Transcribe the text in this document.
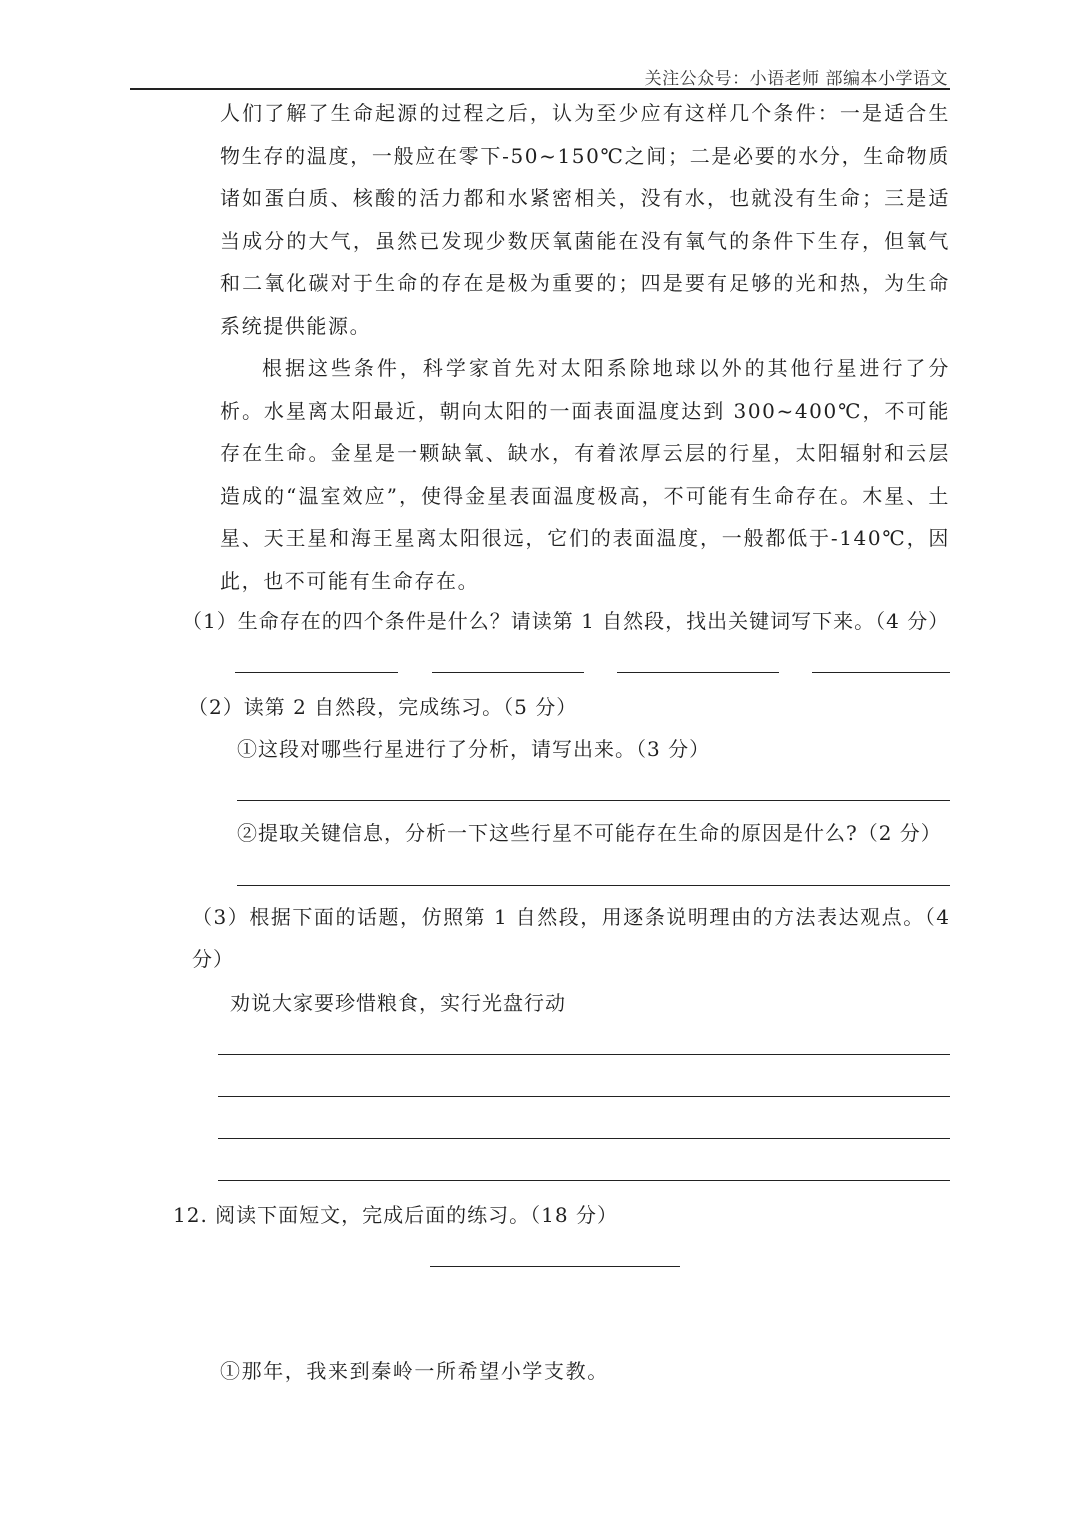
关注公众号：小语老师 部编本小学语文

人们了解了生命起源的过程之后，认为至少应有这样几个条件：一是适合生物生存的温度，一般应在零下-50~150℃之间；二是必要的水分，生命物质诸如蛋白质、核酸的活力都和水紧密相关，没有水，也就没有生命；三是适当成分的大气，虽然已发现少数厌氧菌能在没有氧气的条件下生存，但氧气和二氧化碳对于生命的存在是极为重要的；四是要有足够的光和热，为生命系统提供能源。

根据这些条件，科学家首先对太阳系除地球以外的其他行星进行了分析。水星离太阳最近，朝向太阳的一面表面温度达到 300~400℃，不可能存在生命。金星是一颗缺氧、缺水，有着浓厚云层的行星，太阳辐射和云层造成的“温室效应”，使得金星表面温度极高，不可能有生命存在。木星、土星、天王星和海王星离太阳很远，它们的表面温度，一般都低于-140℃，因此，也不可能有生命存在。

（1）生命存在的四个条件是什么？请读第 1 自然段，找出关键词写下来。（4 分）
（2）读第 2 自然段，完成练习。（5 分）
①这段对哪些行星进行了分析，请写出来。（3 分）
②提取关键信息，分析一下这些行星不可能存在生命的原因是什么?（2 分）
（3）根据下面的话题，仿照第 1 自然段，用逐条说明理由的方法表达观点。（4 分）
劝说大家要珍惜粮食，实行光盘行动
12. 阅读下面短文，完成后面的练习。（18 分）
①那年，我来到秦岭一所希望小学支教。
